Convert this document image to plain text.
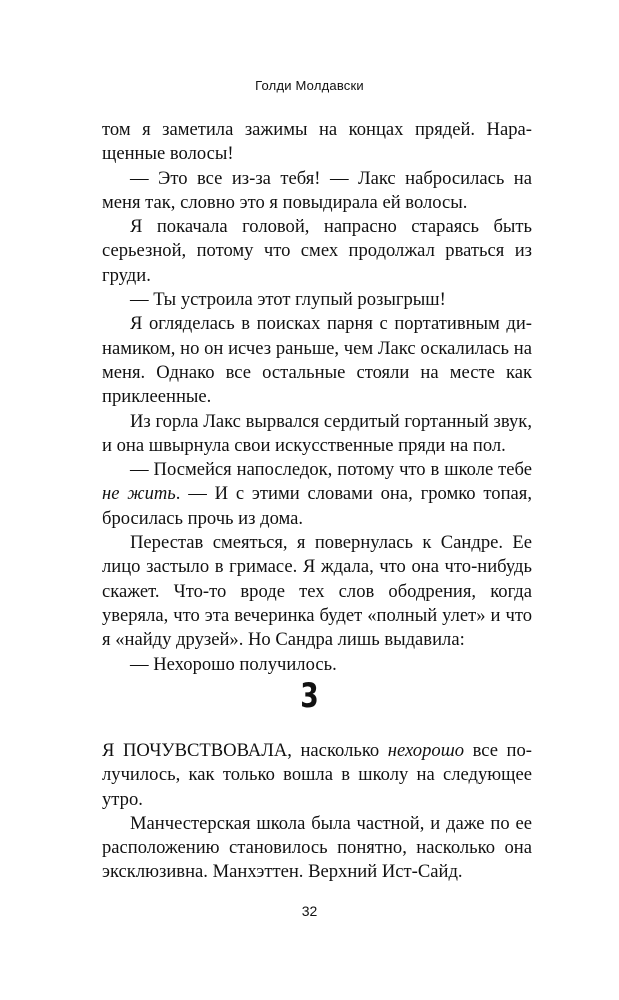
Голди Молдавски

том я заметила зажимы на концах прядей. Наращенные волосы!

— Это все из-за тебя! — Лакс набросилась на меня так, словно это я повыдирала ей волосы.

Я покачала головой, напрасно стараясь быть серьезной, потому что смех продолжал рваться из груди.

— Ты устроила этот глупый розыгрыш!

Я огляделась в поисках парня с портативным динамиком, но он исчез раньше, чем Лакс оскалилась на меня. Однако все остальные стояли на месте как приклеенные.

Из горла Лакс вырвался сердитый гортанный звук, и она швырнула свои искусственные пряди на пол.

— Посмейся напоследок, потому что в школе тебе не жить. — И с этими словами она, громко топая, бросилась прочь из дома.

Перестав смеяться, я повернулась к Сандре. Ее лицо застыло в гримасе. Я ждала, что она что-нибудь скажет. Что-то вроде тех слов ободрения, когда уверяла, что эта вечеринка будет «полный улет» и что я «найду друзей». Но Сандра лишь выдавила:

— Нехорошо получилось.

3

Я ПОЧУВСТВОВАЛА, насколько нехорошо все получилось, как только вошла в школу на следующее утро.

Манчестерская школа была частной, и даже по ее расположению становилось понятно, насколько она эксклюзивна. Манхэттен. Верхний Ист-Сайд.

32
